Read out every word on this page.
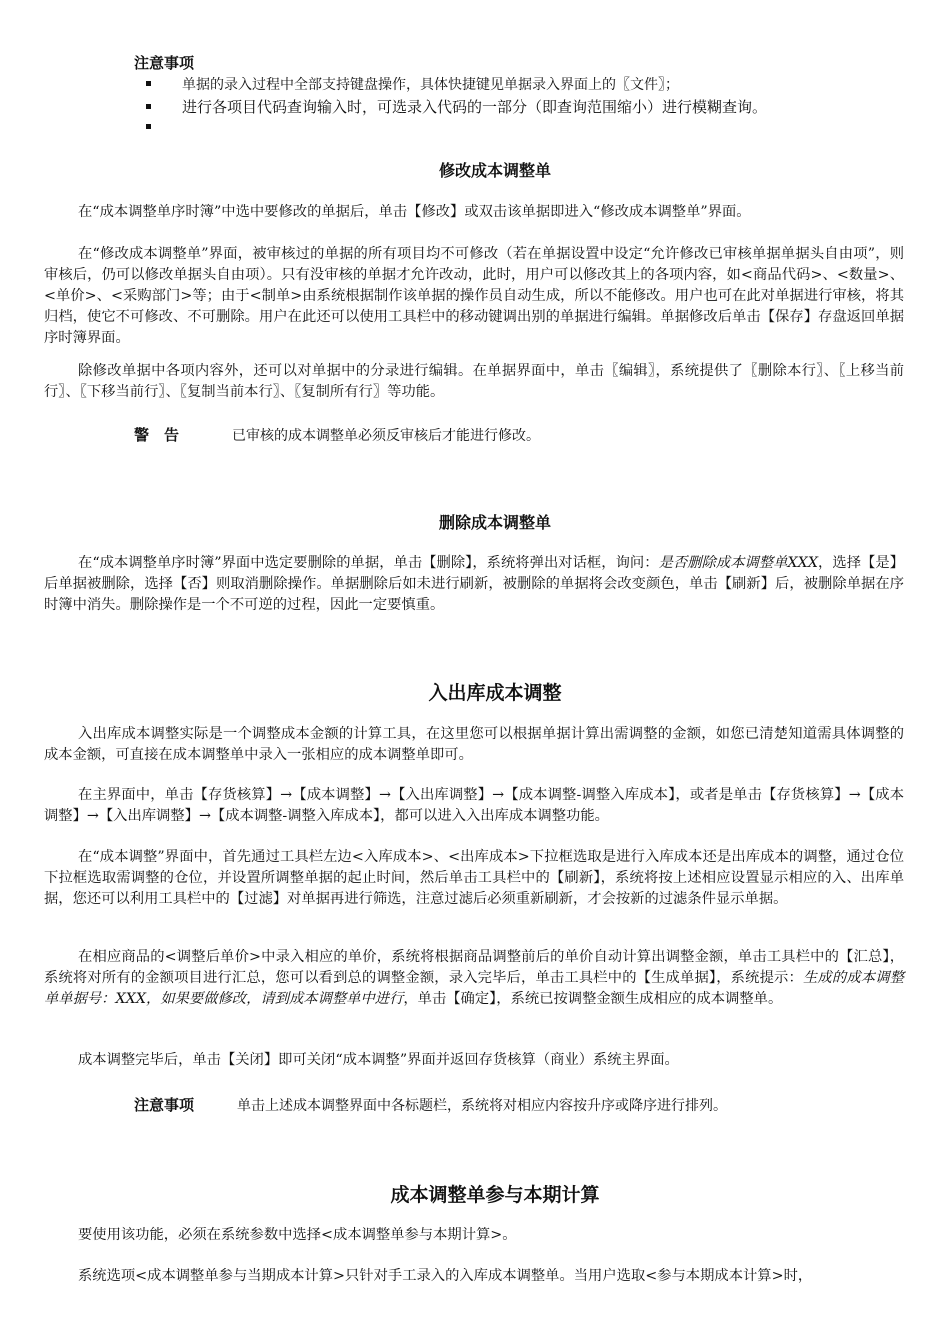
注意事项
单据的录入过程中全部支持键盘操作，具体快捷键见单据录入界面上的〖文件〗；
进行各项目代码查询输入时，可选录入代码的一部分（即查询范围缩小）进行模糊查询。
修改成本调整单

在“成本调整单序时簿”中选中要修改的单据后，单击【修改】或双击该单据即进入“修改成本调整单”界面。

在“修改成本调整单”界面，被审核过的单据的所有项目均不可修改（若在单据设置中设定“允许修改已审核单据单据头自由项”，则审核后，仍可以修改单据头自由项）。只有没审核的单据才允许改动，此时，用户可以修改其上的各项内容，如<商品代码>、<数量>、<单价>、<采购部门>等；由于<制单>由系统根据制作该单据的操作员自动生成，所以不能修改。用户也可在此对单据进行审核，将其归档，使它不可修改、不可删除。用户在此还可以使用工具栏中的移动键调出别的单据进行编辑。单据修改后单击【保存】存盘返回单据序时簿界面。

除修改单据中各项内容外，还可以对单据中的分录进行编辑。在单据界面中，单击〖编辑〗，系统提供了〖删除本行〗、〖上移当前行〗、〖下移当前行〗、〖复制当前本行〗、〖复制所有行〗等功能。

警　告	已审核的成本调整单必须反审核后才能进行修改。
删除成本调整单

在“成本调整单序时簿”界面中选定要删除的单据，单击【删除】，系统将弹出对话框，询问：是否删除成本调整单XXX，选择【是】后单据被删除，选择【否】则取消删除操作。单据删除后如未进行刷新，被删除的单据将会改变颜色，单击【刷新】后，被删除单据在序时簿中消失。删除操作是一个不可逆的过程，因此一定要慎重。

入出库成本调整

入出库成本调整实际是一个调整成本金额的计算工具，在这里您可以根据单据计算出需调整的金额，如您已清楚知道需具体调整的成本金额，可直接在成本调整单中录入一张相应的成本调整单即可。

在主界面中，单击【存货核算】→【成本调整】→【入出库调整】→【成本调整-调整入库成本】，或者是单击【存货核算】→【成本调整】→【入出库调整】→【成本调整-调整入库成本】，都可以进入入出库成本调整功能。

在“成本调整”界面中，首先通过工具栏左边<入库成本>、<出库成本>下拉框选取是进行入库成本还是出库成本的调整，通过仓位下拉框选取需调整的仓位，并设置所调整单据的起止时间，然后单击工具栏中的【刷新】，系统将按上述相应设置显示相应的入、出库单据，您还可以利用工具栏中的【过滤】对单据再进行筛选，注意过滤后必须重新刷新，才会按新的过滤条件显示单据。

在相应商品的<调整后单价>中录入相应的单价，系统将根据商品调整前后的单价自动计算出调整金额，单击工具栏中的【汇总】，系统将对所有的金额项目进行汇总，您可以看到总的调整金额，录入完毕后，单击工具栏中的【生成单据】，系统提示：生成的成本调整单单据号：XXX，如果要做修改，请到成本调整单中进行，单击【确定】，系统已按调整金额生成相应的成本调整单。

成本调整完毕后，单击【关闭】即可关闭“成本调整”界面并返回存货核算（商业）系统主界面。

注意事项	单击上述成本调整界面中各标题栏，系统将对相应内容按升序或降序进行排列。
成本调整单参与本期计算

要使用该功能，必须在系统参数中选择<成本调整单参与本期计算>。

系统选项<成本调整单参与当期成本计算>只针对手工录入的入库成本调整单。当用户选取<参与本期成本计算>时，
